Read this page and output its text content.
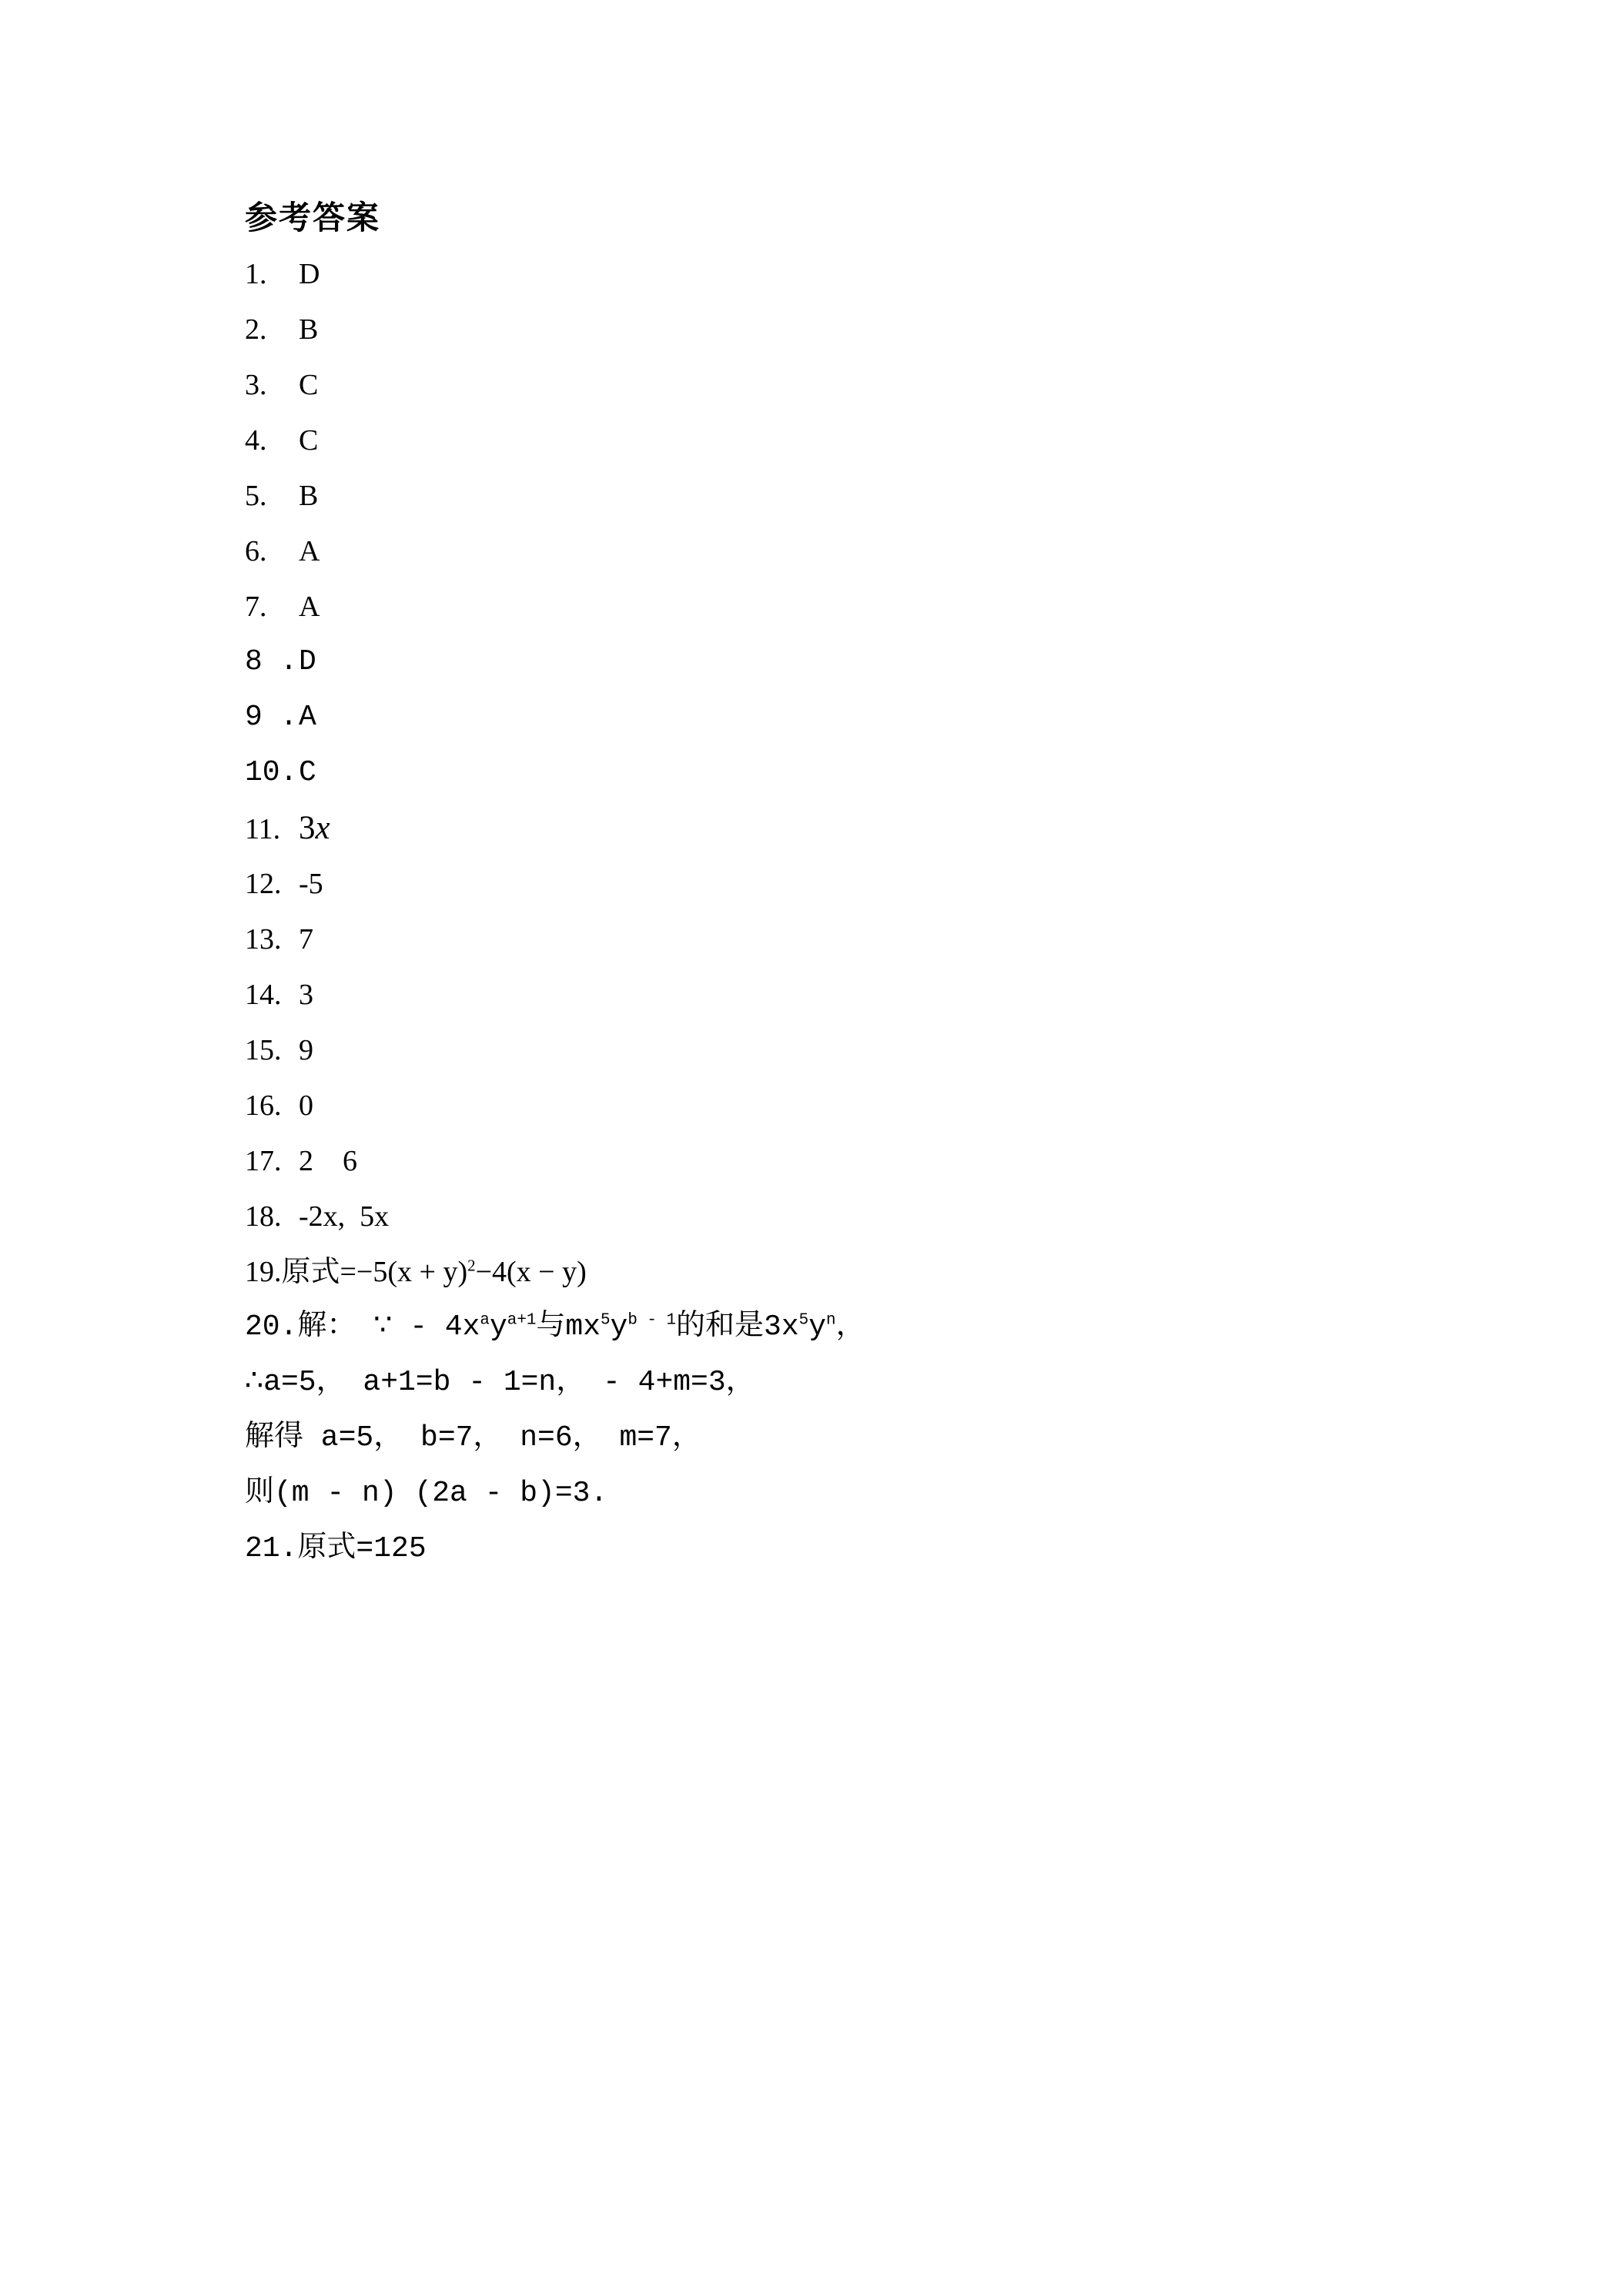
参考答案
1. D
2. B
3. C
4. C
5. B
6. A
7. A
8 .D
9 .A
10.C
11. 3x
12. -5
13. 7
14. 3
15. 9
16. 0
17. 2    6
18. -2x,  5x
19.原式$=-5(x + y)^2-4(x - y)$
20.解： ∵ - $4x^ay^{a+1}$与$mx^5y^{b - 1}$的和是$3x^5y^n$，
∴a=5， a+1=b - 1=n， - 4+m=3，
解得 a=5， b=7， n=6， m=7，
则(m - n) (2a - b)=3.
21.原式=125
